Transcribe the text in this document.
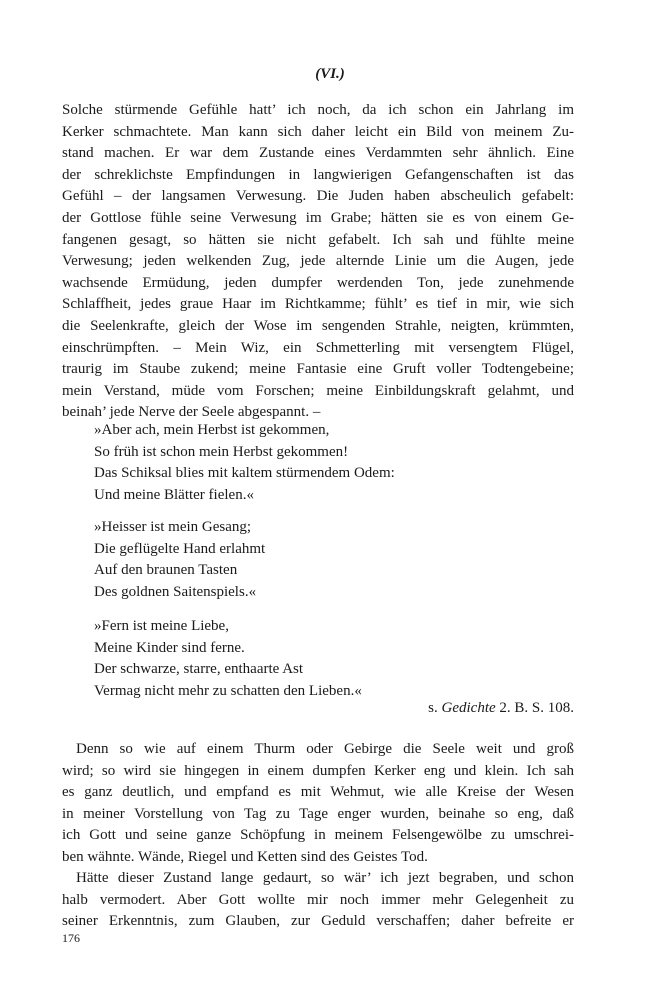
(VI.)
Solche stürmende Gefühle hatt’ ich noch, da ich schon ein Jahrlang im
Kerker schmachtete. Man kann sich daher leicht ein Bild von meinem Zu-
stand machen. Er war dem Zustande eines Verdammten sehr ähnlich. Eine
der schreklichste Empfindungen in langwierigen Gefangenschaften ist das
Gefühl – der langsamen Verwesung. Die Juden haben abscheulich gefabelt:
der Gottlose fühle seine Verwesung im Grabe; hätten sie es von einem Ge-
fangenen gesagt, so hätten sie nicht gefabelt. Ich sah und fühlte meine
Verwesung; jeden welkenden Zug, jede alternde Linie um die Augen, jede
wachsende Ermüdung, jeden dumpfer werdenden Ton, jede zunehmende
Schlaffheit, jedes graue Haar im Richtkamme; fühlt’ es tief in mir, wie sich
die Seelenkrafte, gleich der Wose im sengenden Strahle, neigten, krümmten,
einschrümpften. – Mein Wiz, ein Schmetterling mit versengtem Flügel,
traurig im Staube zukend; meine Fantasie eine Gruft voller Todtengebeine;
mein Verstand, müde vom Forschen; meine Einbildungskraft gelahmt, und
beinah’ jede Nerve der Seele abgespannt. –
»Aber ach, mein Herbst ist gekommen,
So früh ist schon mein Herbst gekommen!
Das Schiksal blies mit kaltem stürmendem Odem:
Und meine Blätter fielen.«
»Heisser ist mein Gesang;
Die geflügelte Hand erlahmt
Auf den braunen Tasten
Des goldnen Saitenspiels.«
»Fern ist meine Liebe,
Meine Kinder sind ferne.
Der schwarze, starre, enthaarte Ast
Vermag nicht mehr zu schatten den Lieben.«
s. Gedichte 2. B. S. 108.
Denn so wie auf einem Thurm oder Gebirge die Seele weit und groß
wird; so wird sie hingegen in einem dumpfen Kerker eng und klein. Ich sah
es ganz deutlich, und empfand es mit Wehmut, wie alle Kreise der Wesen
in meiner Vorstellung von Tag zu Tage enger wurden, beinahe so eng, daß
ich Gott und seine ganze Schöpfung in meinem Felsengewölbe zu umschrei-
ben wähnte. Wände, Riegel und Ketten sind des Geistes Tod.
Hätte dieser Zustand lange gedaurt, so wär’ ich jezt begraben, und schon
halb vermodert. Aber Gott wollte mir noch immer mehr Gelegenheit zu
seiner Erkenntnis, zum Glauben, zur Geduld verschaffen; daher befreite er
176
